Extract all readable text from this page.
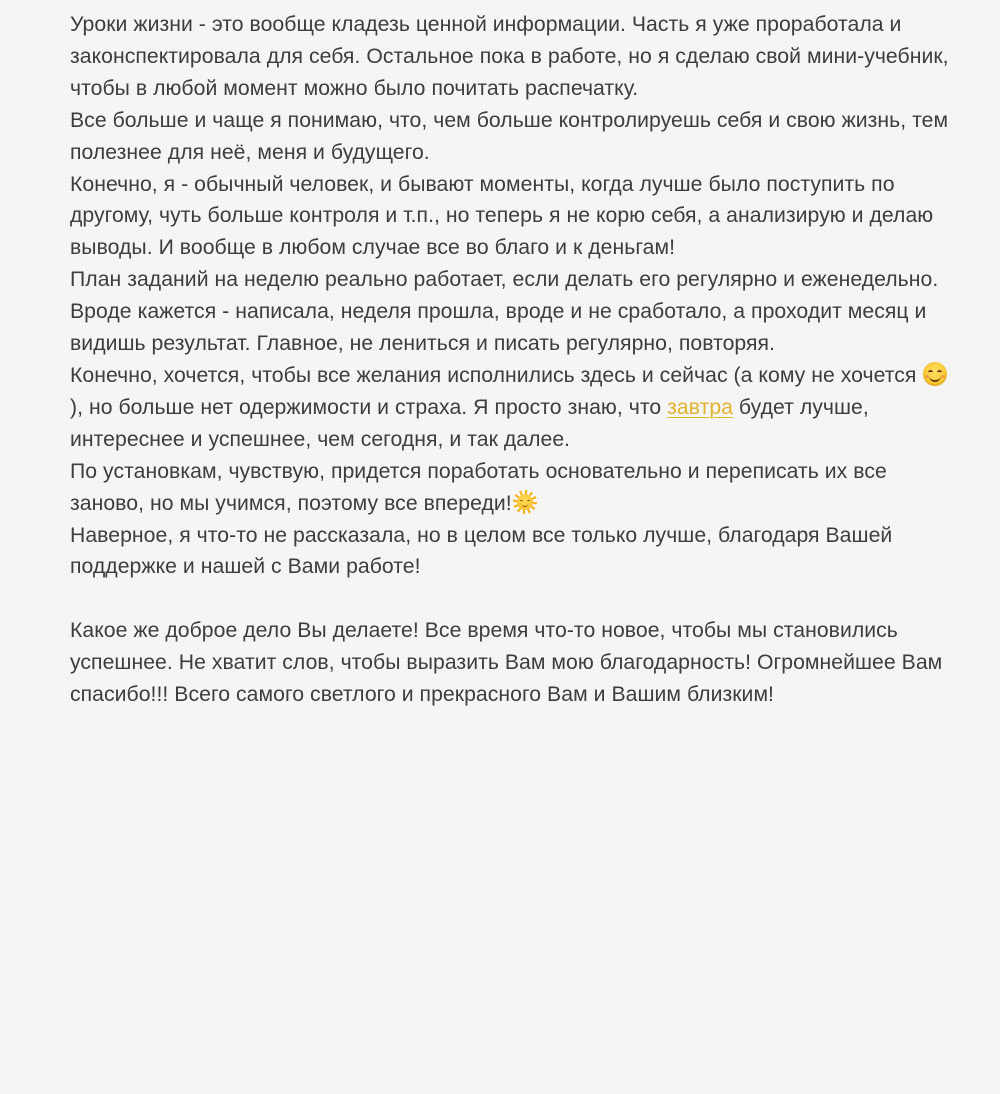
Уроки жизни - это вообще кладезь ценной информации. Часть я уже проработала и законспектировала для себя. Остальное пока в работе, но я сделаю свой мини-учебник, чтобы в любой момент можно было почитать распечатку.

Все больше и чаще я понимаю, что, чем больше контролируешь себя и свою жизнь, тем полезнее для неё, меня и будущего.

Конечно, я - обычный человек, и бывают моменты, когда лучше было поступить по другому, чуть больше контроля и т.п., но теперь я не корю себя, а анализирую и делаю выводы. И вообще в любом случае все во благо и к деньгам!

План заданий на неделю реально работает, если делать его регулярно и еженедельно. Вроде кажется - написала, неделя прошла, вроде и не сработало, а проходит месяц и видишь результат. Главное, не лениться и писать регулярно, повторяя.

Конечно, хочется, чтобы все желания исполнились здесь и сейчас (а кому не хочется
), но больше нет одержимости и страха. Я просто знаю, что завтра будет лучше, интереснее и успешнее, чем сегодня, и так далее.

По установкам, чувствую, придется поработать основательно и переписать их все заново, но мы учимся, поэтому все впереди!

Наверное, я что-то не рассказала, но в целом все только лучше, благодаря Вашей поддержке и нашей с Вами работе!

Какое же доброе дело Вы делаете! Все время что-то новое, чтобы мы становились успешнее. Не хватит слов, чтобы выразить Вам мою благодарность! Огромнейшее Вам спасибо!!! Всего самого светлого и прекрасного Вам и Вашим близким!
